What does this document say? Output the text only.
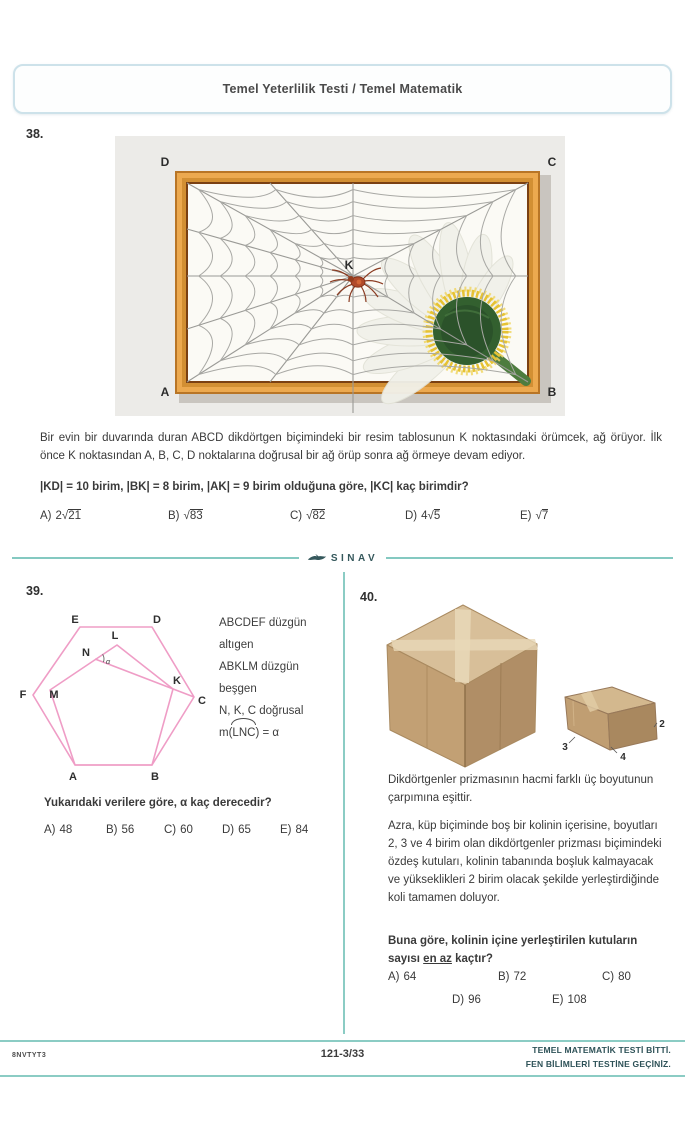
Temel Yeterlilik Testi / Temel Matematik
38.
D	C
A	B
K
Bir evin bir duvarında duran ABCD dikdörtgen biçimindeki bir resim tablosunun K noktasındaki örümcek, ağ örüyor. İlk önce K noktasından A, B, C, D noktalarına doğrusal bir ağ örüp sonra ağ örmeye devam ediyor.
|KD| = 10 birim, |BK| = 8 birim, |AK| = 9 birim olduğuna göre, |KC| kaç birimdir?
A) 2√21	B) √83	C) √82	D) 4√5	E) √7
SINAV
39.
E	D
C
B
A
F M
L
N
K
α
ABCDEF düzgün
altıgen
ABKLM düzgün
beşgen
N, K, C doğrusal
m(LNC) = α
Yukarıdaki verilere göre, α kaç derecedir?
A) 48	B) 56	C) 60	D) 65	E) 84
40.
3
4
2
Dikdörtgenler prizmasının hacmi farklı üç boyutunun çarpımına eşittir.
Azra, küp biçiminde boş bir kolinin içerisine, boyutları 2, 3 ve 4 birim olan dikdörtgenler prizması biçimindeki özdeş kutuları, kolinin tabanında boşluk kalmayacak ve yükseklikleri 2 birim olacak şekilde yerleştirdiğinde koli tamamen doluyor.
Buna göre, kolinin içine yerleştirilen kutuların sayısı en az kaçtır?
A) 64	B) 72	C) 80
D) 96	E) 108
8NVTYT3	121-3/33	TEMEL MATEMATİK TESTİ BİTTİ.
FEN BİLİMLERİ TESTİNE GEÇİNİZ.
